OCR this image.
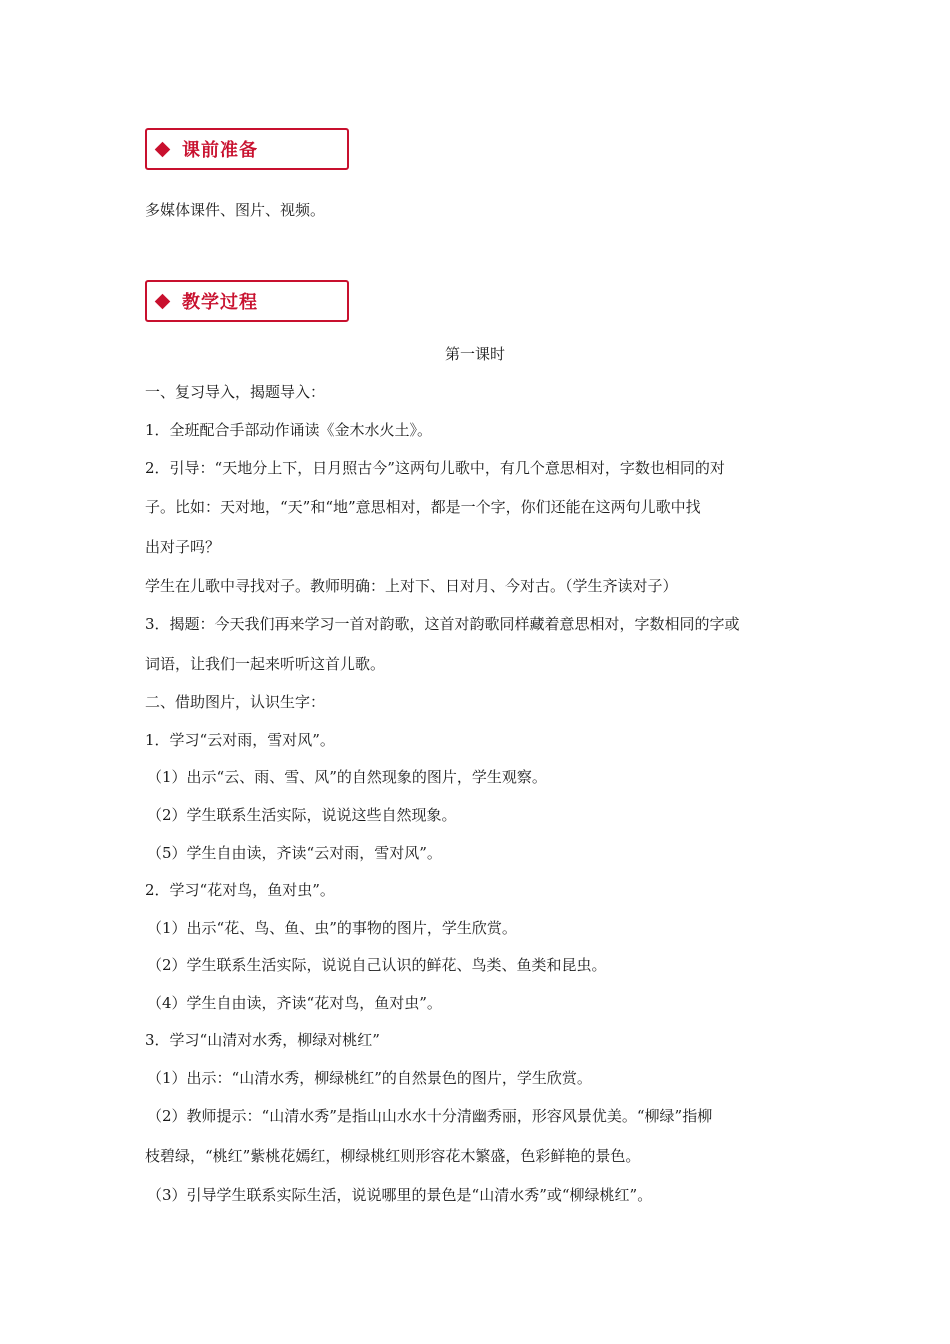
课前准备
多媒体课件、图片、视频。
教学过程
第一课时
一、复习导入，揭题导入：
1．全班配合手部动作诵读《金木水火土》。
2．引导：“天地分上下，日月照古今”这两句儿歌中，有几个意思相对，字数也相同的对
子。比如：天对地，“天”和“地”意思相对，都是一个字，你们还能在这两句儿歌中找
出对子吗？
学生在儿歌中寻找对子。教师明确：上对下、日对月、今对古。（学生齐读对子）
3．揭题：今天我们再来学习一首对韵歌，这首对韵歌同样藏着意思相对，字数相同的字或
词语，让我们一起来听听这首儿歌。
二、借助图片，认识生字：
1．学习“云对雨，雪对风”。
（1）出示“云、雨、雪、风”的自然现象的图片，学生观察。
（2）学生联系生活实际，说说这些自然现象。
（5）学生自由读，齐读“云对雨，雪对风”。
2．学习“花对鸟，鱼对虫”。
（1）出示“花、鸟、鱼、虫”的事物的图片，学生欣赏。
（2）学生联系生活实际，说说自己认识的鲜花、鸟类、鱼类和昆虫。
（4）学生自由读，齐读“花对鸟，鱼对虫”。
3．学习“山清对水秀，柳绿对桃红”
（1）出示：“山清水秀，柳绿桃红”的自然景色的图片，学生欣赏。
（2）教师提示：“山清水秀”是指山山水水十分清幽秀丽，形容风景优美。“柳绿”指柳
枝碧绿，“桃红”紫桃花嫣红，柳绿桃红则形容花木繁盛，色彩鲜艳的景色。
（3）引导学生联系实际生活，说说哪里的景色是“山清水秀”或“柳绿桃红”。
